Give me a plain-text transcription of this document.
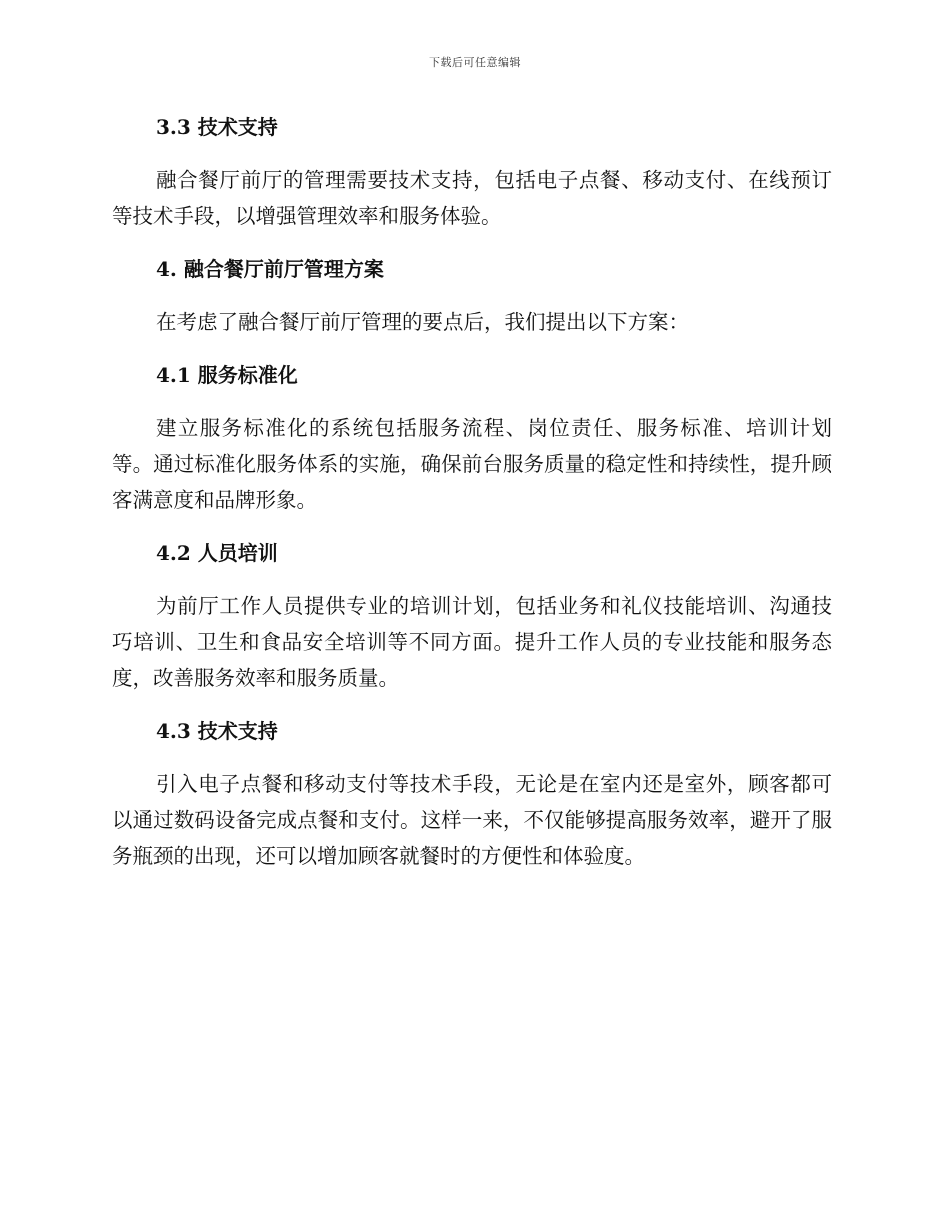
下载后可任意编辑
3.3 技术支持

融合餐厅前厅的管理需要技术支持，包括电子点餐、移动支付、在线预订等技术手段，以增强管理效率和服务体验。

4. 融合餐厅前厅管理方案

在考虑了融合餐厅前厅管理的要点后，我们提出以下方案：

4.1 服务标准化

建立服务标准化的系统包括服务流程、岗位责任、服务标准、培训计划等。通过标准化服务体系的实施，确保前台服务质量的稳定性和持续性，提升顾客满意度和品牌形象。

4.2 人员培训

为前厅工作人员提供专业的培训计划，包括业务和礼仪技能培训、沟通技巧培训、卫生和食品安全培训等不同方面。提升工作人员的专业技能和服务态度，改善服务效率和服务质量。

4.3 技术支持

引入电子点餐和移动支付等技术手段，无论是在室内还是室外，顾客都可以通过数码设备完成点餐和支付。这样一来，不仅能够提高服务效率，避开了服务瓶颈的出现，还可以增加顾客就餐时的方便性和体验度。
